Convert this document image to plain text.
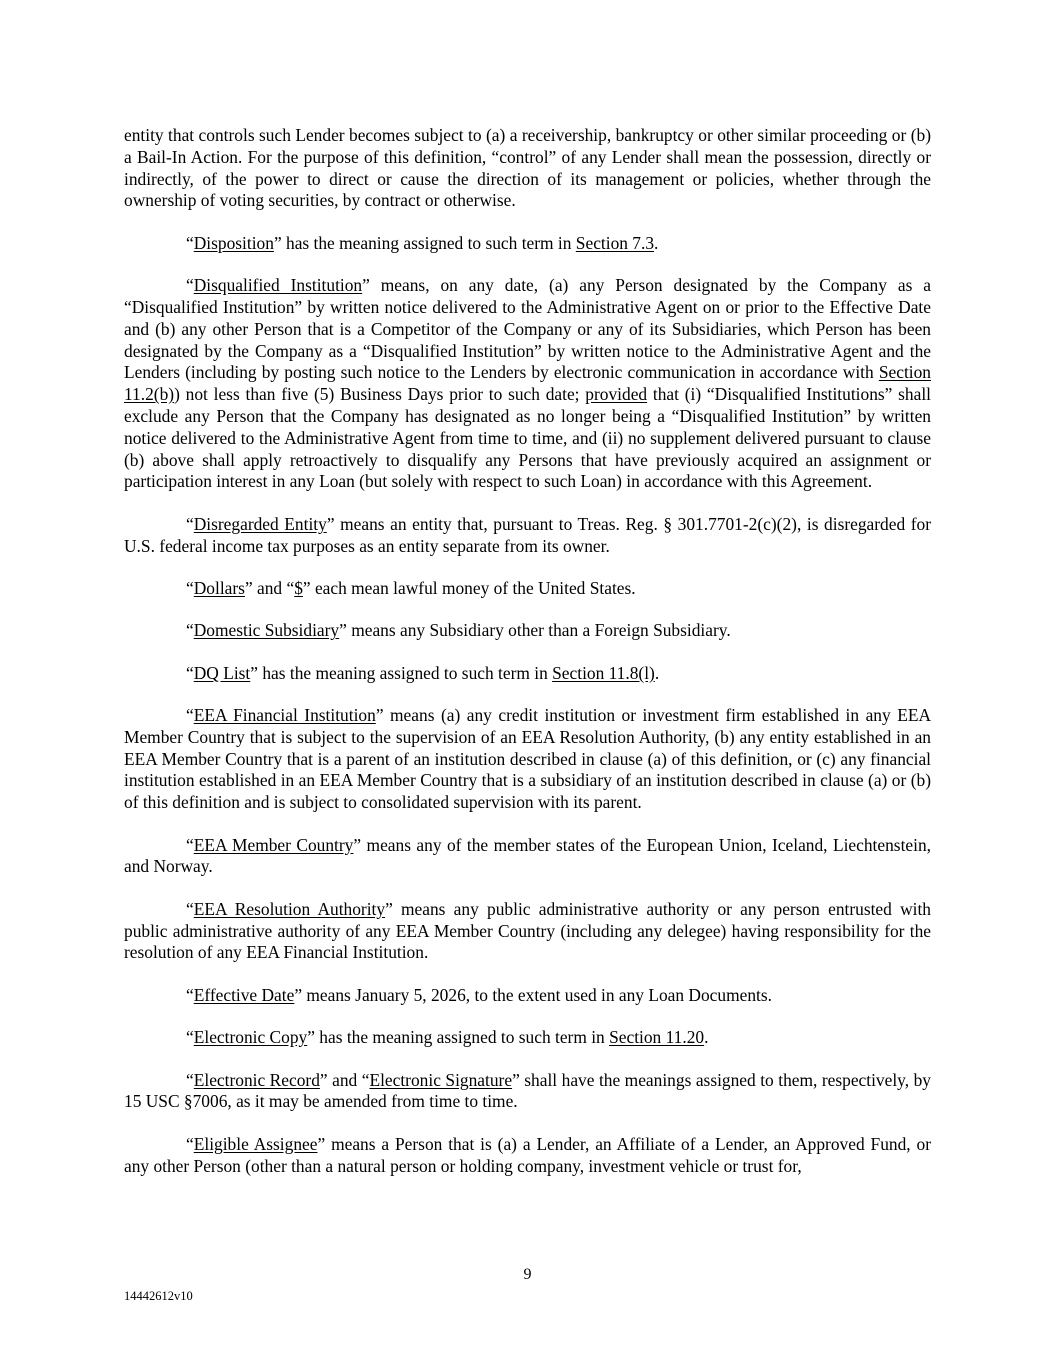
entity that controls such Lender becomes subject to (a) a receivership, bankruptcy or other similar proceeding or (b) a Bail-In Action. For the purpose of this definition, “control” of any Lender shall mean the possession, directly or indirectly, of the power to direct or cause the direction of its management or policies, whether through the ownership of voting securities, by contract or otherwise.

“Disposition” has the meaning assigned to such term in Section 7.3.

“Disqualified Institution” means, on any date, (a) any Person designated by the Company as a “Disqualified Institution” by written notice delivered to the Administrative Agent on or prior to the Effective Date and (b) any other Person that is a Competitor of the Company or any of its Subsidiaries, which Person has been designated by the Company as a “Disqualified Institution” by written notice to the Administrative Agent and the Lenders (including by posting such notice to the Lenders by electronic communication in accordance with Section 11.2(b)) not less than five (5) Business Days prior to such date; provided that (i) “Disqualified Institutions” shall exclude any Person that the Company has designated as no longer being a “Disqualified Institution” by written notice delivered to the Administrative Agent from time to time, and (ii) no supplement delivered pursuant to clause (b) above shall apply retroactively to disqualify any Persons that have previously acquired an assignment or participation interest in any Loan (but solely with respect to such Loan) in accordance with this Agreement.

“Disregarded Entity” means an entity that, pursuant to Treas. Reg. § 301.7701-2(c)(2), is disregarded for U.S. federal income tax purposes as an entity separate from its owner.

“Dollars” and “$” each mean lawful money of the United States.

“Domestic Subsidiary” means any Subsidiary other than a Foreign Subsidiary.

“DQ List” has the meaning assigned to such term in Section 11.8(l).

“EEA Financial Institution” means (a) any credit institution or investment firm established in any EEA Member Country that is subject to the supervision of an EEA Resolution Authority, (b) any entity established in an EEA Member Country that is a parent of an institution described in clause (a) of this definition, or (c) any financial institution established in an EEA Member Country that is a subsidiary of an institution described in clause (a) or (b) of this definition and is subject to consolidated supervision with its parent.

“EEA Member Country” means any of the member states of the European Union, Iceland, Liechtenstein, and Norway.

“EEA Resolution Authority” means any public administrative authority or any person entrusted with public administrative authority of any EEA Member Country (including any delegee) having responsibility for the resolution of any EEA Financial Institution.

“Effective Date” means January 5, 2026, to the extent used in any Loan Documents.

“Electronic Copy” has the meaning assigned to such term in Section 11.20.

“Electronic Record” and “Electronic Signature” shall have the meanings assigned to them, respectively, by 15 USC §7006, as it may be amended from time to time.

“Eligible Assignee” means a Person that is (a) a Lender, an Affiliate of a Lender, an Approved Fund, or any other Person (other than a natural person or holding company, investment vehicle or trust for,

9
14442612v10
